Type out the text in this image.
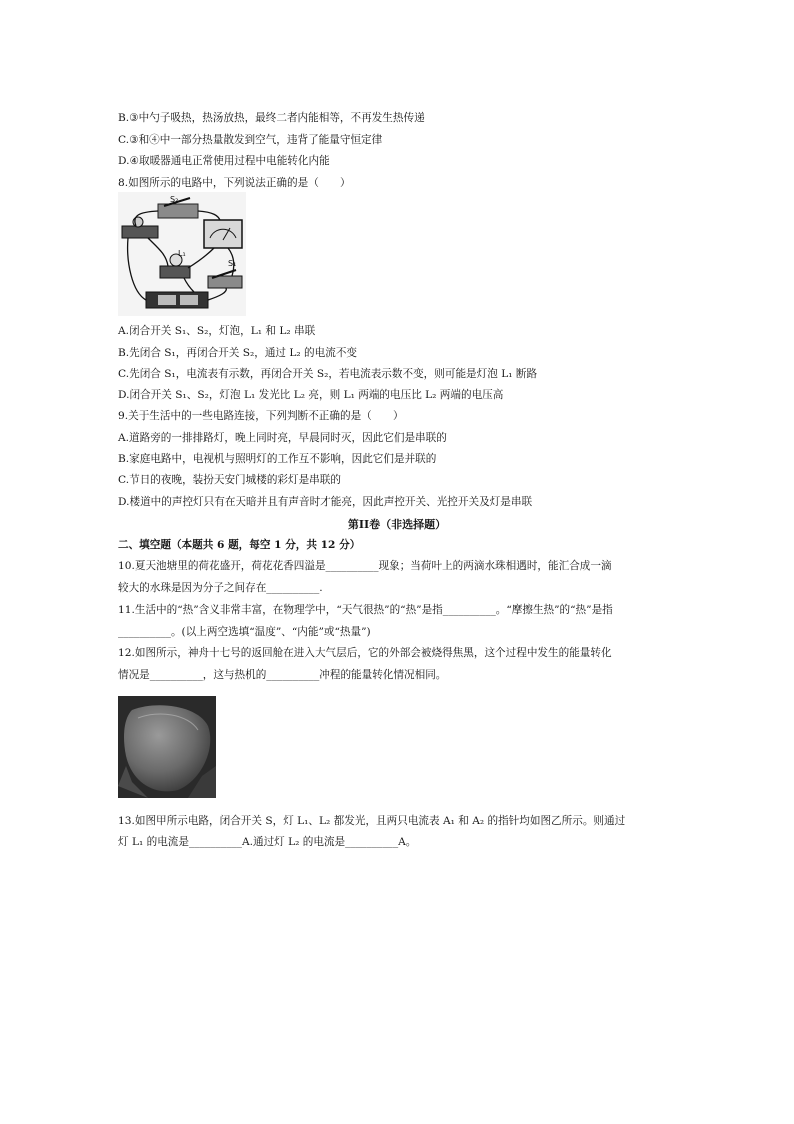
B.③中勺子吸热，热汤放热，最终二者内能相等，不再发生热传递
C.③和④中一部分热量散发到空气，违背了能量守恒定律
D.④取暖器通电正常使用过程中电能转化内能
8.如图所示的电路中，下列说法正确的是（　　）
S₂
L₁
S₁
A.闭合开关 S₁、S₂，灯泡，L₁ 和 L₂ 串联
B.先闭合 S₁，再闭合开关 S₂，通过 L₂ 的电流不变
C.先闭合 S₁，电流表有示数，再闭合开关 S₂，若电流表示数不变，则可能是灯泡 L₁ 断路
D.闭合开关 S₁、S₂，灯泡 L₁ 发光比 L₂ 亮，则 L₁ 两端的电压比 L₂ 两端的电压高
9.关于生活中的一些电路连接，下列判断不正确的是（　　）
A.道路旁的一排排路灯，晚上同时亮，早晨同时灭，因此它们是串联的
B.家庭电路中，电视机与照明灯的工作互不影响，因此它们是并联的
C.节日的夜晚，装扮天安门城楼的彩灯是串联的
D.楼道中的声控灯只有在天暗并且有声音时才能亮，因此声控开关、光控开关及灯是串联
第II卷（非选择题）
二、填空题（本题共 6 题，每空 1 分，共 12 分）
10.夏天池塘里的荷花盛开，荷花花香四溢是__________现象；当荷叶上的两滴水珠相遇时，能汇合成一滴
较大的水珠是因为分子之间存在__________.
11.生活中的“热”含义非常丰富，在物理学中，“天气很热”的“热”是指__________。“摩擦生热”的“热”是指
__________。(以上两空选填“温度”、“内能”或“热量”)
12.如图所示，神舟十七号的返回舱在进入大气层后，它的外部会被烧得焦黑，这个过程中发生的能量转化
情况是__________，这与热机的__________冲程的能量转化情况相同。
13.如图甲所示电路，闭合开关 S，灯 L₁、L₂ 都发光，且两只电流表 A₁ 和 A₂ 的指针均如图乙所示。则通过
灯 L₁ 的电流是__________A.通过灯 L₂ 的电流是__________A。
